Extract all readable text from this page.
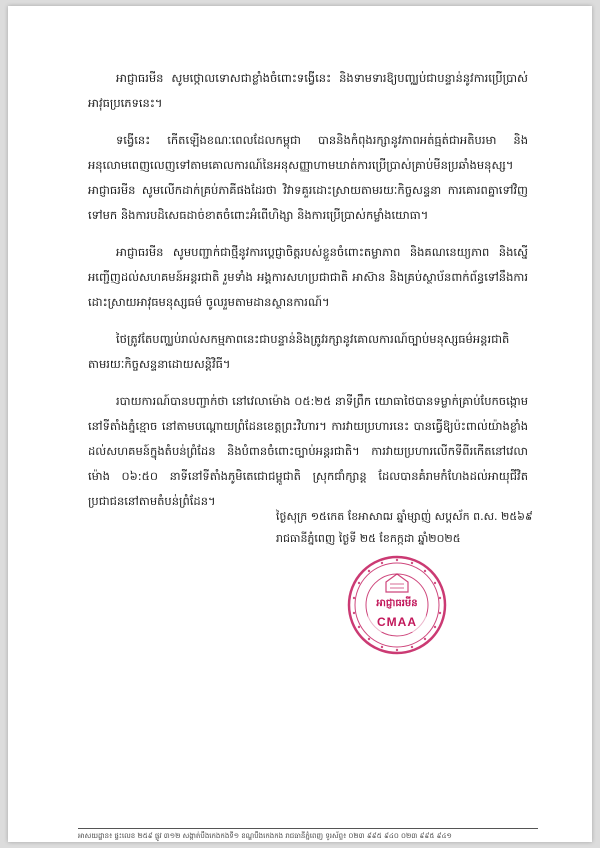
អាជ្ញាធរមីន សូមថ្កោលទោសជាខ្លាំងចំពោះទង្វើនេះ និងទាមទារឱ្យបញ្ឈប់ជាបន្ទាន់នូវការប្រើប្រាស់អាវុធប្រភេទនេះ។

ទង្វើនេះ កើតឡើងខណៈពេលដែលកម្ពុជា បាននិងកំពុងរក្សានូវភាពអត់ធ្មត់ជាអតិបរមា និងអនុលោមពេញលេញទៅតាមគោលការណ៍នៃអនុសញ្ញាហាមឃាត់ការប្រើប្រាស់គ្រាប់មីនប្រឆាំងមនុស្ស។ អាជ្ញាធរមីន សូមលើកដាក់គ្រប់ភាគីផងដែរថា វិវាទគួរដោះស្រាយតាមរយៈកិច្ចសន្ទនា ការគោរពគ្នាទៅវិញទៅមក និងការបដិសេធដាច់ខាតចំពោះអំពើហិង្សា និងការប្រើប្រាស់កម្លាំងយោធា។

អាជ្ញាធរមីន សូមបញ្ជាក់ជាថ្មីនូវការប្តេជ្ញាចិត្តរបស់ខ្លួនចំពោះតម្លាភាព និងគណនេយ្យភាព និងស្នើអញ្ជើញដល់សហគមន៍អន្តរជាតិ រួមទាំង អង្គការសហប្រជាជាតិ អាស៊ាន និងគ្រប់ស្ថាប័នពាក់ព័ន្ធទៅនឹងការដោះស្រាយអាវុធមនុស្សធម៌ ចូលរួមតាមដានស្ថានការណ៍។

ថៃត្រូវតែបញ្ឈប់រាល់សកម្មភាពនេះជាបន្ទាន់និងត្រូវរក្សានូវគោលការណ៍ច្បាប់មនុស្សធម៌អន្តរជាតិ តាមរយៈកិច្ចសន្ទនាដោយសន្តិវិធី។

របាយការណ៍បានបញ្ជាក់ថា នៅវេលាម៉ោង ០៥:២៥ នាទីព្រឹក យោធាថៃបានទម្លាក់គ្រាប់បែកចង្កោមនៅទីតាំងភ្នំខ្មោច នៅតាមបណ្តោយព្រំដែនខេត្តព្រះវិហារ។ ការវាយប្រហារនេះ បានធ្វើឱ្យប៉ះពាល់យ៉ាងខ្លាំងដល់សហគមន៍ក្នុងតំបន់ព្រំដែន និងបំពានចំពោះច្បាប់អន្តរជាតិ។ ការវាយប្រហារលើកទីពីរកើតនៅវេលាម៉ោង ០៦:៥០ នាទីនៅទីតាំងភូមិតេជោជម្ពូជាតិ ស្រុកជាំក្សាន្ត ដែលបានគំរាមកំហែងដល់អាយុជីវិតប្រជាជននៅតាមតំបន់ព្រំដែន។

ថ្ងៃសុក្រ ១៥កេត ខែអាសាឍ ឆ្នាំម្សាញ់ សប្តស័ក ព.ស. ២៥៦៩
រាជធានីភ្នំពេញ ថ្ងៃទី ២៥ ខែកក្កដា ឆ្នាំ២០២៥
អាជ្ញាធរមីន
CMAA
អាសយដ្ឋាន៖ ផ្ទះលេខ ២៥៩ ផ្លូវ ៣១២ សង្កាត់បឹងកេងកងទី១ ខណ្ឌបឹងកេងកង រាជធានីភ្នំពេញ ទូរស័ព្ទ៖ ០២៣ ៩៩៥ ៩៤០ ០២៣ ៩៩៥ ៩៤១
